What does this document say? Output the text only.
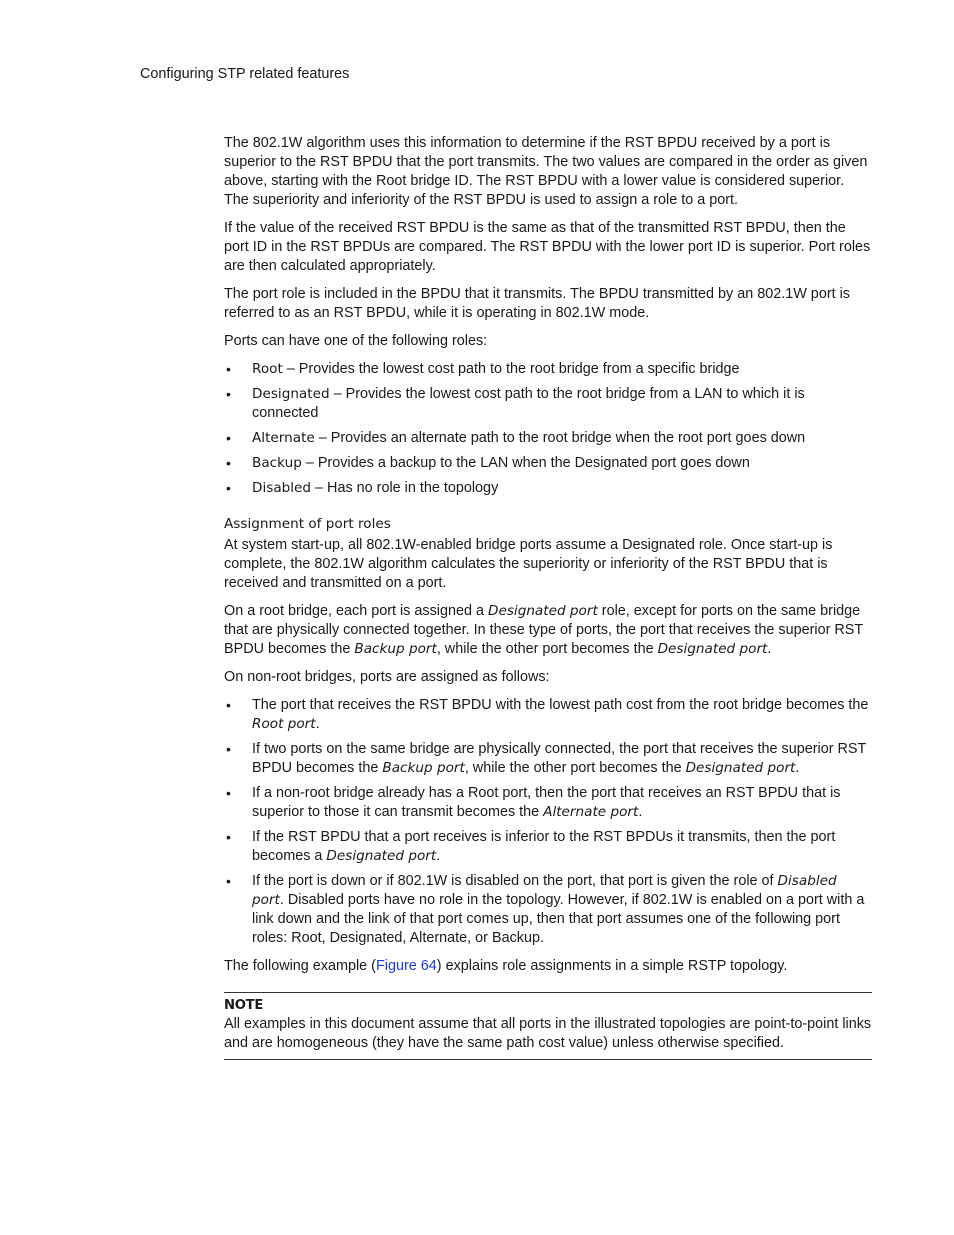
Configuring STP related features

The 802.1W algorithm uses this information to determine if the RST BPDU received by a port is superior to the RST BPDU that the port transmits. The two values are compared in the order as given above, starting with the Root bridge ID. The RST BPDU with a lower value is considered superior. The superiority and inferiority of the RST BPDU is used to assign a role to a port.

If the value of the received RST BPDU is the same as that of the transmitted RST BPDU, then the port ID in the RST BPDUs are compared. The RST BPDU with the lower port ID is superior. Port roles are then calculated appropriately.

The port role is included in the BPDU that it transmits. The BPDU transmitted by an 802.1W port is referred to as an RST BPDU, while it is operating in 802.1W mode.

Ports can have one of the following roles:

• Root – Provides the lowest cost path to the root bridge from a specific bridge
• Designated – Provides the lowest cost path to the root bridge from a LAN to which it is connected
• Alternate – Provides an alternate path to the root bridge when the root port goes down
• Backup – Provides a backup to the LAN when the Designated port goes down
• Disabled – Has no role in the topology
Assignment of port roles

At system start-up, all 802.1W-enabled bridge ports assume a Designated role. Once start-up is complete, the 802.1W algorithm calculates the superiority or inferiority of the RST BPDU that is received and transmitted on a port.

On a root bridge, each port is assigned a Designated port role, except for ports on the same bridge that are physically connected together. In these type of ports, the port that receives the superior RST BPDU becomes the Backup port, while the other port becomes the Designated port.

On non-root bridges, ports are assigned as follows:

• The port that receives the RST BPDU with the lowest path cost from the root bridge becomes the Root port.
• If two ports on the same bridge are physically connected, the port that receives the superior RST BPDU becomes the Backup port, while the other port becomes the Designated port.
• If a non-root bridge already has a Root port, then the port that receives an RST BPDU that is superior to those it can transmit becomes the Alternate port.
• If the RST BPDU that a port receives is inferior to the RST BPDUs it transmits, then the port becomes a Designated port.
• If the port is down or if 802.1W is disabled on the port, that port is given the role of Disabled port. Disabled ports have no role in the topology. However, if 802.1W is enabled on a port with a link down and the link of that port comes up, then that port assumes one of the following port roles: Root, Designated, Alternate, or Backup.

The following example (Figure 64) explains role assignments in a simple RSTP topology.

NOTE
All examples in this document assume that all ports in the illustrated topologies are point-to-point links and are homogeneous (they have the same path cost value) unless otherwise specified.
